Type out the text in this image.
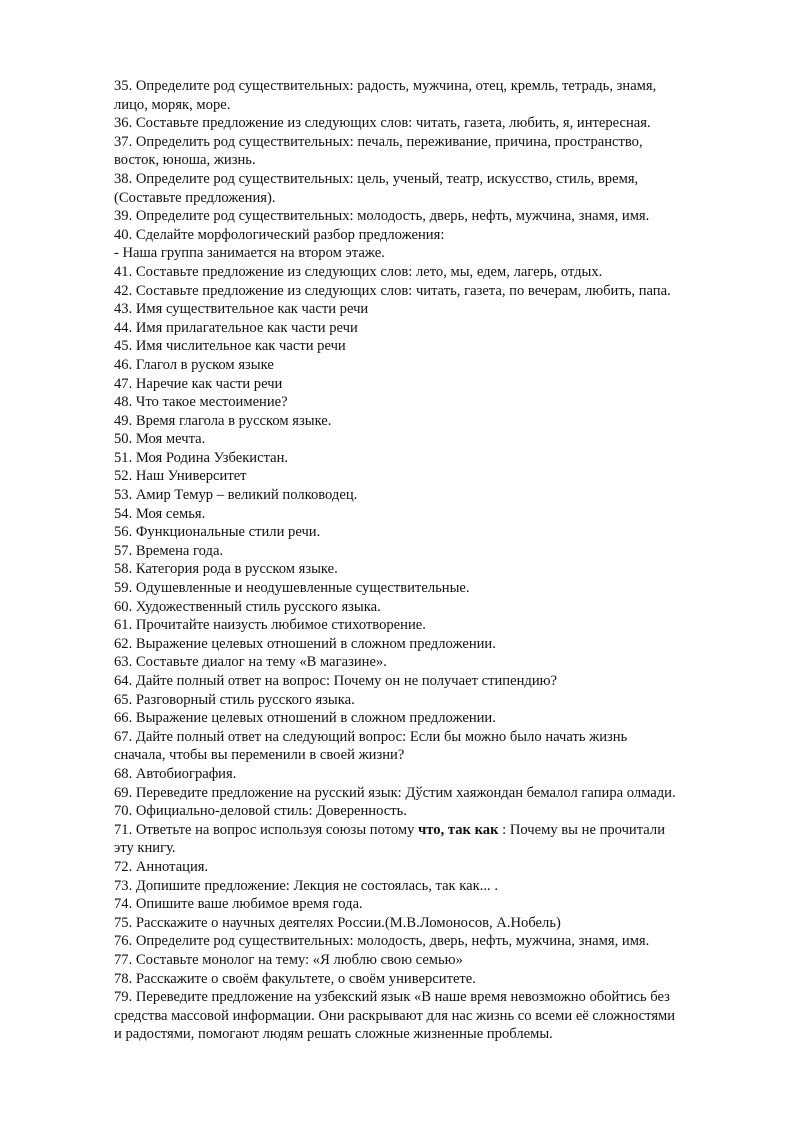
35. Определите род существительных: радость, мужчина, отец, кремль, тетрадь, знамя,
лицо, моряк, море.
36. Составьте предложение из следующих слов: читать, газета, любить, я, интересная.
37. Определить род существительных: печаль, переживание, причина, пространство,
восток, юноша, жизнь.
38. Определите род существительных: цель, ученый, театр, искусство, стиль, время,
(Составьте предложения).
39. Определите род существительных: молодость, дверь, нефть, мужчина, знамя, имя.
40. Сделайте морфологический разбор предложения:
- Наша группа занимается на втором этаже.
41. Составьте предложение из следующих слов: лето, мы, едем, лагерь, отдых.
42. Составьте предложение из следующих слов: читать, газета, по вечерам, любить, папа.
43. Имя существительное как части речи
44. Имя прилагательное как части речи
45. Имя числительное как части речи
46. Глагол в руском языке
47. Наречие как части речи
48. Что такое местоимение?
49. Время глагола в русском языке.
50. Моя мечта.
51. Моя Родина Узбекистан.
52. Наш Университет
53. Амир Темур – великий полководец.
54. Моя семья.
56. Функциональные стили речи.
57. Времена года.
58. Категория рода в русском языке.
59. Одушевленные и неодушевленные существительные.
60. Художественный стиль русского языка.
61. Прочитайте наизусть любимое стихотворение.
62. Выражение целевых отношений в сложном предложении.
63. Составьте диалог на тему «В магазине».
64. Дайте полный ответ на вопрос: Почему он не получает стипендию?
65. Разговорный стиль русского языка.
66. Выражение целевых отношений в сложном предложении.
67. Дайте полный ответ на следующий вопрос: Если бы можно было начать жизнь
сначала, чтобы вы переменили в своей жизни?
68. Автобиография.
69. Переведите предложение на русский язык: Дўстим хаяжондан бемалол гапира олмади.
70. Официально-деловой стиль: Доверенность.
71. Ответьте на вопрос используя союзы потому что, так как : Почему вы не прочитали
эту книгу.
72. Аннотация.
73. Допишите предложение: Лекция не состоялась, так как... .
74. Опишите ваше любимое время года.
75. Расскажите о научных деятелях России.(М.В.Ломоносов, А.Нобель)
76. Определите род существительных: молодость, дверь, нефть, мужчина, знамя, имя.
77. Составьте монолог на тему: «Я люблю свою семью»
78. Расскажите о своём факультете, о своём университете.
79. Переведите предложение на узбекский язык «В наше время невозможно обойтись без
средства массовой информации. Они раскрывают для нас жизнь со всеми её сложностями
и радостями, помогают людям решать сложные жизненные проблемы.
